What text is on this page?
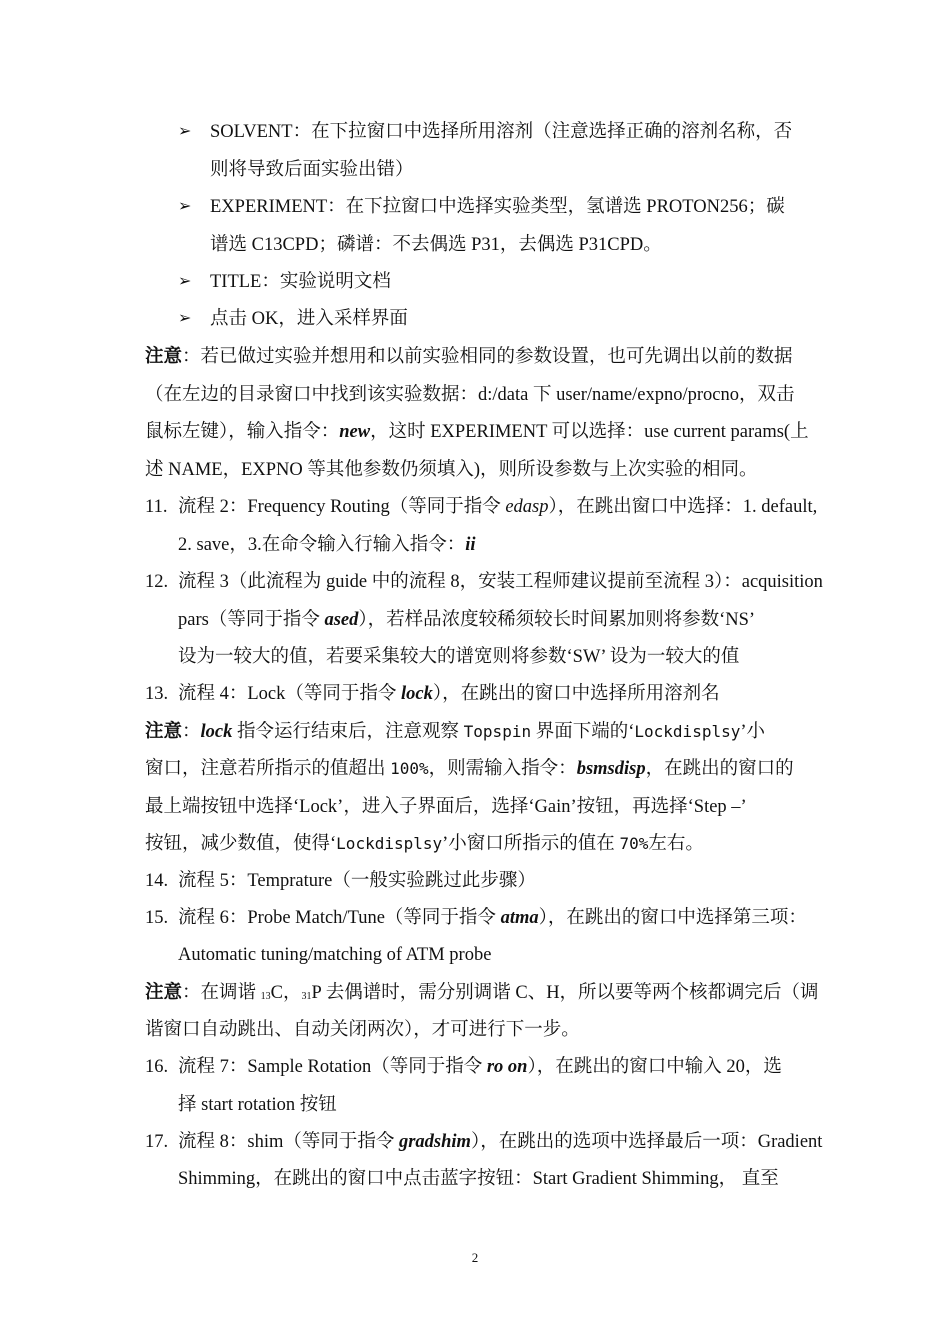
➢ SOLVENT：在下拉窗口中选择所用溶剂（注意选择正确的溶剂名称，否
则将导致后面实验出错）
➢ EXPERIMENT：在下拉窗口中选择实验类型，氢谱选 PROTON256；碳
谱选 C13CPD；磷谱：不去偶选 P31，去偶选 P31CPD。
➢ TITLE：实验说明文档
➢ 点击 OK，进入采样界面
注意：若已做过实验并想用和以前实验相同的参数设置，也可先调出以前的数据
（在左边的目录窗口中找到该实验数据：d:/data 下 user/name/expno/procno，双击
鼠标左键），输入指令：new，这时 EXPERIMENT 可以选择：use current params(上
述 NAME，EXPNO 等其他参数仍须填入)，则所设参数与上次实验的相同。
11. 流程 2：Frequency Routing（等同于指令 edasp），在跳出窗口中选择：1. default,
2. save，3.在命令输入行输入指令：ii
12. 流程 3（此流程为 guide 中的流程 8，安装工程师建议提前至流程 3）：acquisition
pars（等同于指令 ased），若样品浓度较稀须较长时间累加则将参数‘NS’
设为一较大的值，若要采集较大的谱宽则将参数‘SW’ 设为一较大的值
13. 流程 4：Lock（等同于指令 lock），在跳出的窗口中选择所用溶剂名
注意：lock 指令运行结束后，注意观察 Topspin 界面下端的‘Lockdisplsy’小
窗口，注意若所指示的值超出 100%，则需输入指令：bsmsdisp，在跳出的窗口的
最上端按钮中选择‘Lock’，进入子界面后，选择‘Gain’按钮，再选择‘Step –’
按钮，减少数值，使得‘Lockdisplsy’小窗口所指示的值在 70%左右。
14. 流程 5：Temprature（一般实验跳过此步骤）
15. 流程 6：Probe Match/Tune（等同于指令 atma），在跳出的窗口中选择第三项：
Automatic tuning/matching of ATM probe
注意：在调谐 13C，31P 去偶谱时，需分别调谐 C、H，所以要等两个核都调完后（调
谐窗口自动跳出、自动关闭两次），才可进行下一步。
16. 流程 7：Sample Rotation（等同于指令 ro on），在跳出的窗口中输入 20，选
择 start rotation 按钮
17. 流程 8：shim（等同于指令 gradshim），在跳出的选项中选择最后一项：Gradient
Shimming，在跳出的窗口中点击蓝字按钮：Start Gradient Shimming， 直至
2
